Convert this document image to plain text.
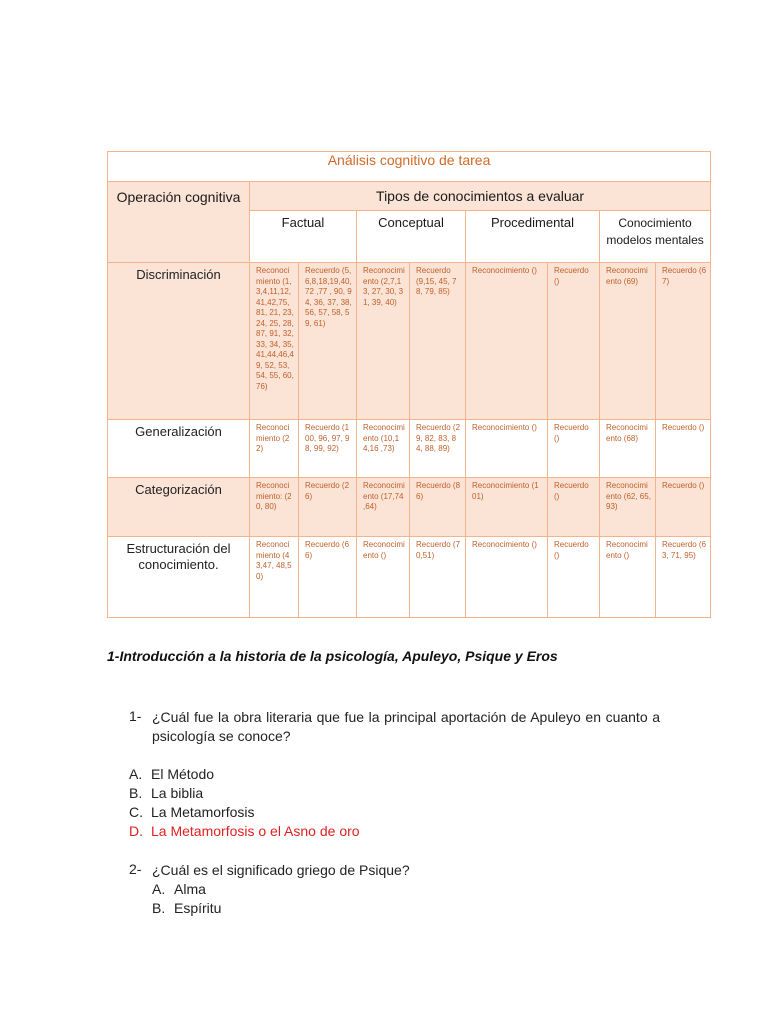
Análisis cognitivo de tarea								
Operación cognitiva	Tipos de conocimientos a evaluar							
	Factual		Conceptual		Procedimental		Conocimiento modelos mentales	
Discriminación	Reconocimiento (1,3,4,11,12,41,42,75, 81, 21, 23, 24, 25, 28, 87, 91, 32, 33, 34, 35,41,44,46,49, 52, 53, 54, 55, 60, 76)	Recuerdo (5,6,8,18,19,40,72 ,77 , 90, 94, 36, 37, 38, 56, 57, 58, 59, 61)	Reconocimiento (2,7,13, 27, 30, 31, 39, 40)	Recuerdo (9,15, 45, 78, 79, 85)	Reconocimiento ()	Recuerdo ()	Reconocimiento (69)	Recuerdo (67)
Generalización	Reconocimiento (22)	Recuerdo (100, 96, 97, 98, 99, 92)	Reconocimiento (10,14,16 ,73)	Recuerdo (29, 82, 83, 84, 88, 89)	Reconocimiento ()	Recuerdo ()	Reconocimiento (68)	Recuerdo ()
Categorización	Reconocimiento: (20, 80)	Recuerdo (26)	Reconocimiento (17,74 ,64)	Recuerdo (86)	Reconocimiento (101)	Recuerdo ()	Reconocimiento (62, 65, 93)	Recuerdo ()
Estructuración del conocimiento.	Reconocimiento (43,47, 48,50)	Recuerdo (66)	Reconocimiento ()	Recuerdo (70,51)	Reconocimiento ()	Recuerdo ()	Reconocimiento ()	Recuerdo (63, 71, 95)
1-Introducción a la historia de la psicología, Apuleyo, Psique y Eros
1- ¿Cuál fue la obra literaria que fue la principal aportación de Apuleyo en cuanto a psicología se conoce?
A. El Método
B. La biblia
C. La Metamorfosis
D. La Metamorfosis o el Asno de oro
2- ¿Cuál es el significado griego de Psique?
A. Alma
B. Espíritu
